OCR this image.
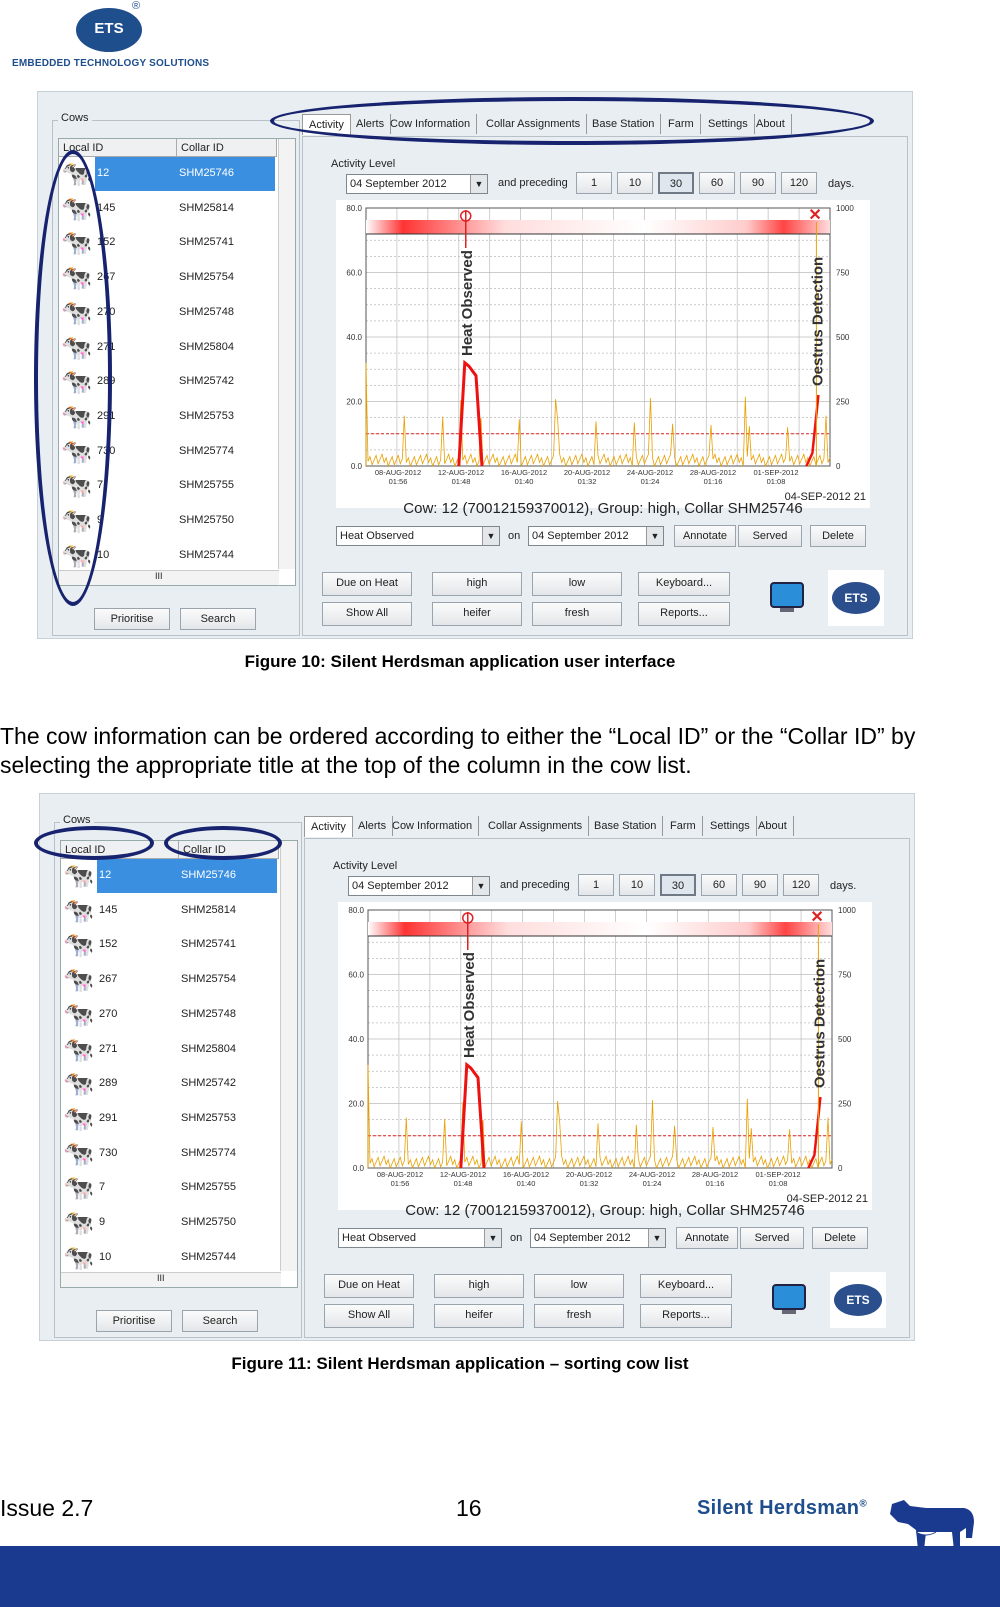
ETS
®
EMBEDDED TECHNOLOGY SOLUTIONS
Cows
Local ID	Collar ID
🐄 12	SHM25746
🐄 145	SHM25814
🐄 152	SHM25741
🐄 267	SHM25754
🐄 270	SHM25748
🐄 271	SHM25804
🐄 289	SHM25742
🐄 291	SHM25753
🐄 730	SHM25774
🐄 7	SHM25755
🐄 9	SHM25750
🐄 10	SHM25744
III
Prioritise	Search
Activity	Alerts Cow Information	Collar Assignments	Base Station	Farm	Settings About
Activity Level
04 September 2012	▼	and preceding	1	10	30	60	90	120	days.
80.0
60.0
40.0
20.0
0.0
1000
750
500
250
0
08-AUG-2012
01:56
12-AUG-2012
01:48
16-AUG-2012
01:40
20-AUG-2012
01:32
24-AUG-2012
01:24
28-AUG-2012
01:16
01-SEP-2012
01:08
04-SEP-2012 21
✕
Heat Observed	Oestrus Detection
Cow: 12 (70012159370012), Group: high, Collar SHM25746
Heat Observed	▼	on	04 September 2012	▼	Annotate	Served	Delete
Due on Heat	high	low	Keyboard...
Show All	heifer	fresh	Reports...
ETS
Figure 10: Silent Herdsman application user interface
The cow information can be ordered according to either the “Local ID” or the “Collar ID” by selecting the appropriate title at the top of the column in the cow list.
Cows
Local ID	Collar ID
🐄 12	SHM25746
🐄 145	SHM25814
🐄 152	SHM25741
🐄 267	SHM25754
🐄 270	SHM25748
🐄 271	SHM25804
🐄 289	SHM25742
🐄 291	SHM25753
🐄 730	SHM25774
🐄 7	SHM25755
🐄 9	SHM25750
🐄 10	SHM25744
III
Prioritise	Search
Activity	Alerts Cow Information	Collar Assignments	Base Station	Farm	Settings About
Activity Level
04 September 2012	▼	and preceding	1	10	30	60	90	120	days.
80.0
60.0
40.0
20.0
0.0
1000
750
500
250
0
08-AUG-2012
01:56
12-AUG-2012
01:48
16-AUG-2012
01:40
20-AUG-2012
01:32
24-AUG-2012
01:24
28-AUG-2012
01:16
01-SEP-2012
01:08
04-SEP-2012 21
✕
Heat Observed	Oestrus Detection
Cow: 12 (70012159370012), Group: high, Collar SHM25746
Heat Observed	▼	on	04 September 2012	▼	Annotate	Served	Delete
Due on Heat	high	low	Keyboard...
Show All	heifer	fresh	Reports...
ETS
Figure 11: Silent Herdsman application – sorting cow list
Issue 2.7	16	Silent Herdsman®
